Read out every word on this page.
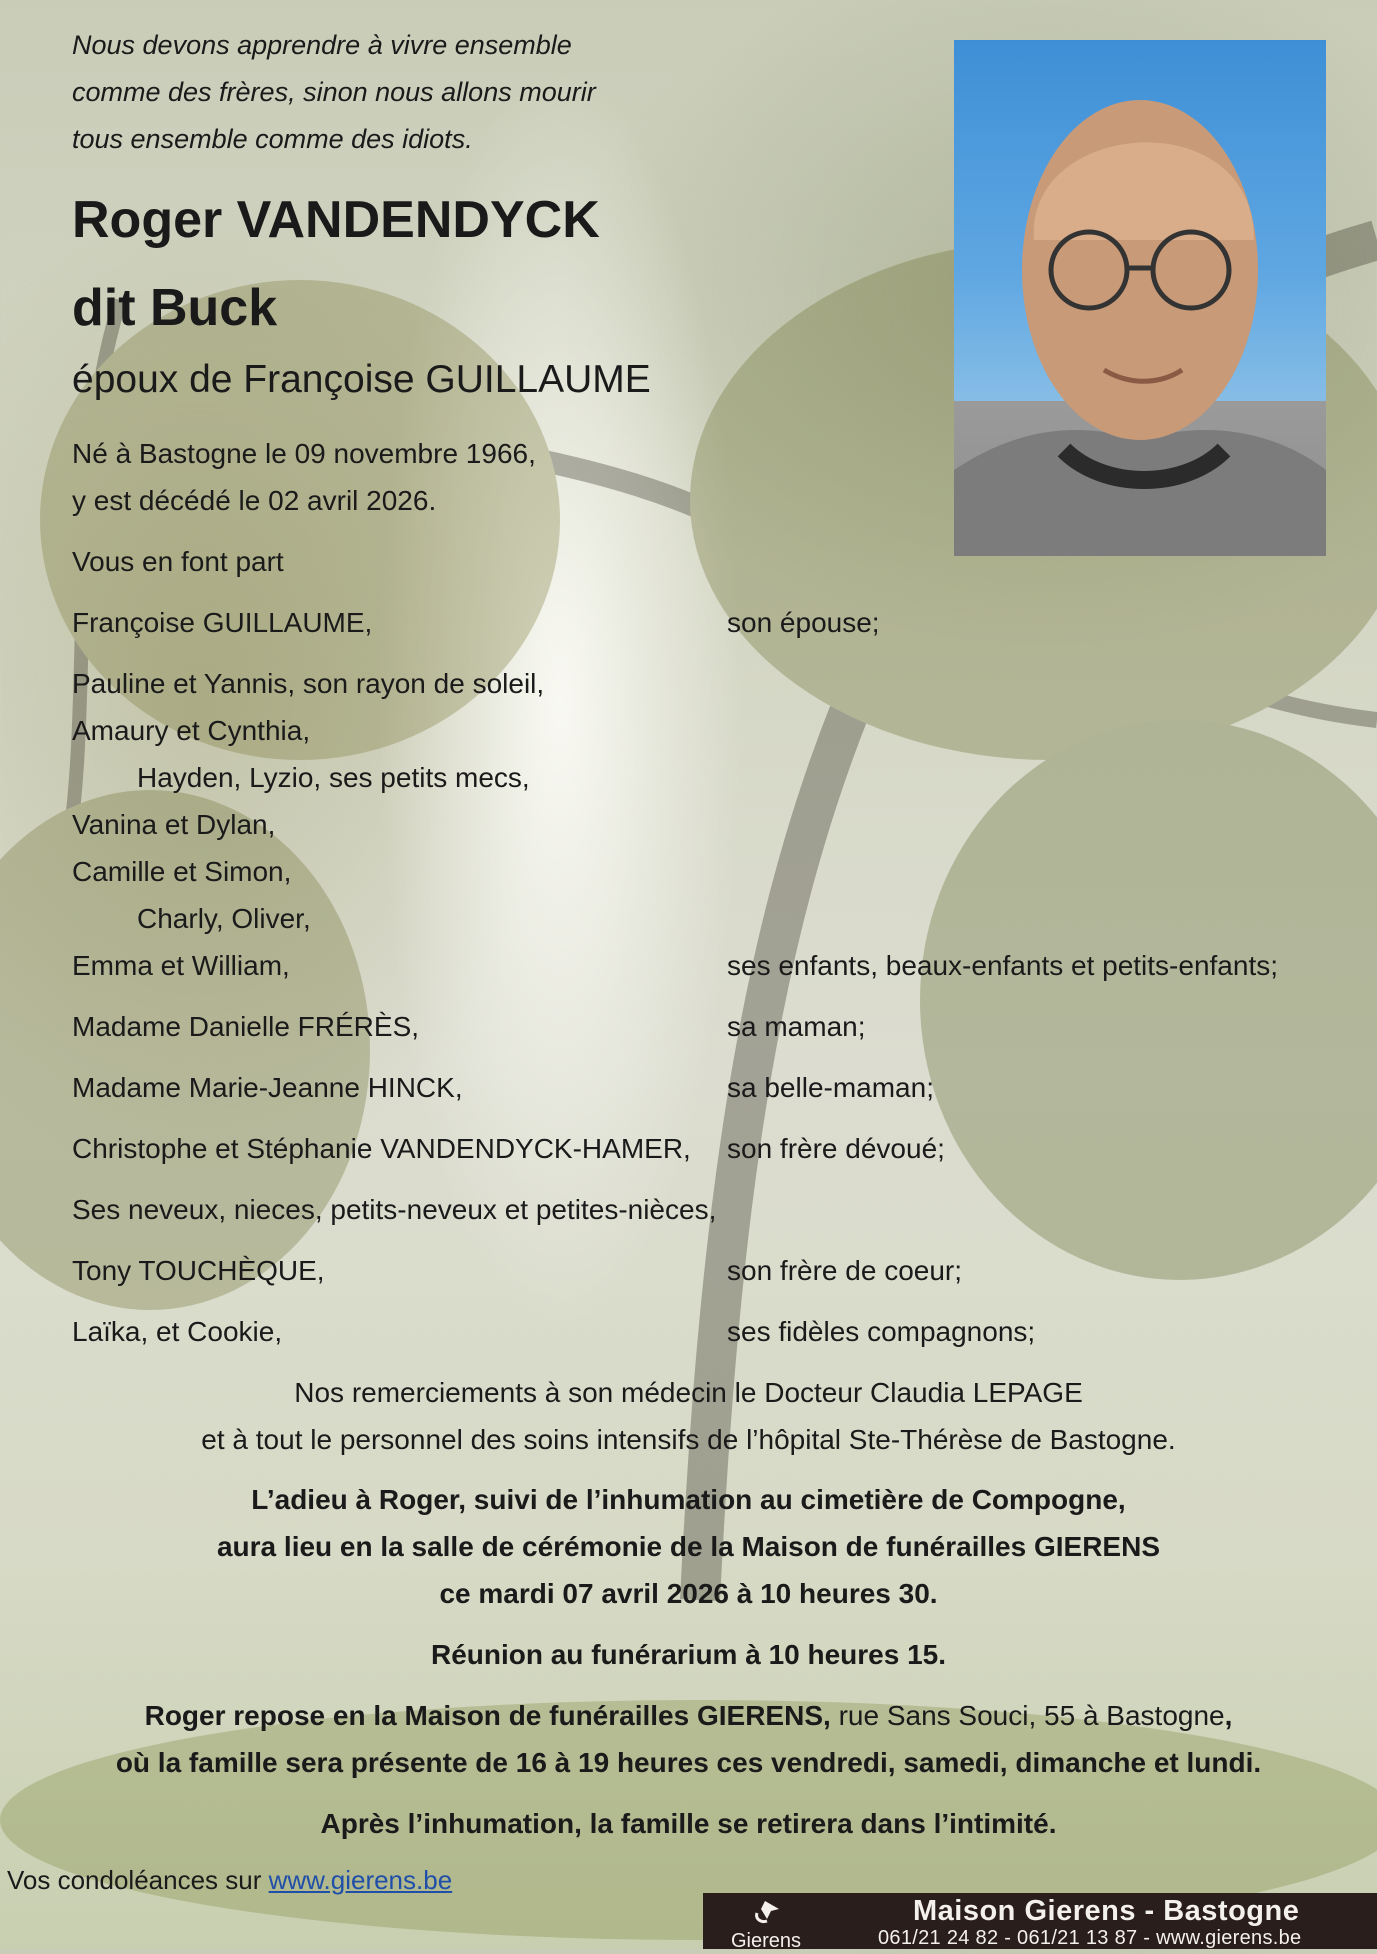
Nous devons apprendre à vivre ensemble
comme des frères, sinon nous allons mourir
tous ensemble comme des idiots.
Roger VANDENDYCK
dit Buck
époux de Françoise GUILLAUME
Né à Bastogne le 09 novembre 1966,
y est décédé le 02 avril 2026.
Vous en font part
Françoise GUILLAUME,	son épouse;
Pauline et Yannis, son rayon de soleil,
Amaury et Cynthia,
Hayden, Lyzio, ses petits mecs,
Vanina et Dylan,
Camille et Simon,
Charly, Oliver,
Emma et William,	ses enfants, beaux-enfants et petits-enfants;
Madame Danielle FRÉRÈS,	sa maman;
Madame Marie-Jeanne HINCK,	sa belle-maman;
Christophe et Stéphanie VANDENDYCK-HAMER, son frère dévoué;
Ses neveux, nieces, petits-neveux et petites-nièces,
Tony TOUCHÈQUE,	son frère de coeur;
Laïka, et Cookie,	ses fidèles compagnons;
Nos remerciements à son médecin le Docteur Claudia LEPAGE
et à tout le personnel des soins intensifs de l’hôpital Ste-Thérèse de Bastogne.
L’adieu à Roger, suivi de l’inhumation au cimetière de Compogne,
aura lieu en la salle de cérémonie de la Maison de funérailles GIERENS
ce mardi 07 avril 2026 à 10 heures 30.
Réunion au funérarium à 10 heures 15.
Roger repose en la Maison de funérailles GIERENS, rue Sans Souci, 55 à Bastogne,
où la famille sera présente de 16 à 19 heures ces vendredi, samedi, dimanche et lundi.
Après l’inhumation, la famille se retirera dans l’intimité.
Vos condoléances sur www.gierens.be
Gierens
Maison Gierens - Bastogne
061/21 24 82 - 061/21 13 87 - www.gierens.be
